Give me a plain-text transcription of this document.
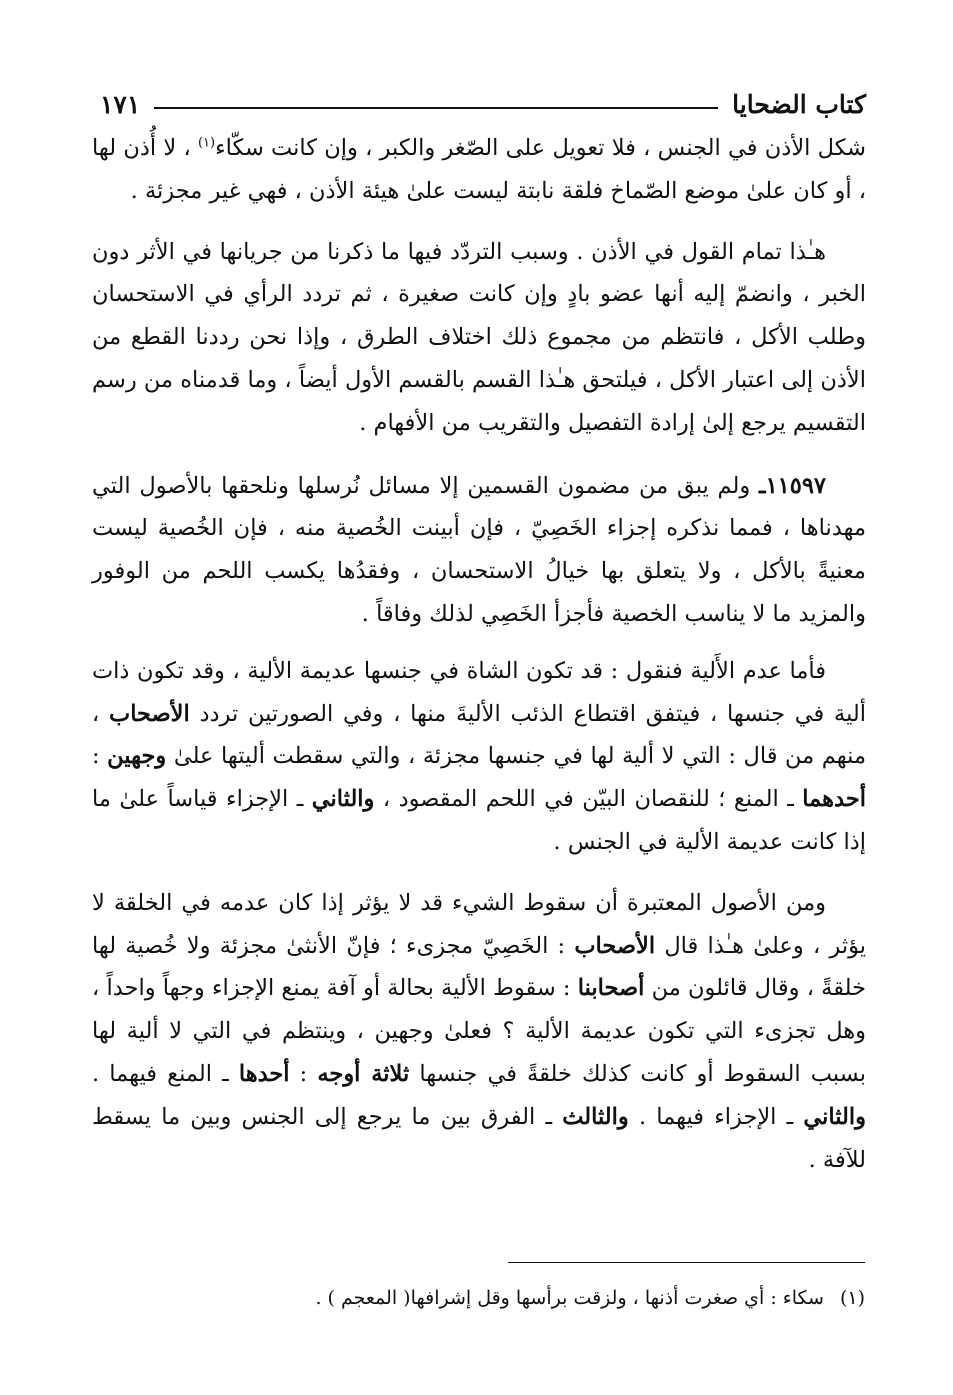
كتاب الضحايا
١٧١

شكل الأذن في الجنس ، فلا تعويل على الصّغر والكبر ، وإن كانت سكّاء$^{(١)}$ ، لا أُذن لها ، أو كان علىٰ موضع الصّماخ فلقة نابتة ليست علىٰ هيئة الأذن ، فهي غير مجزئة .

هـٰذا تمام القول في الأذن . وسبب التردّد فيها ما ذكرنا من جريانها في الأثر دون الخبر ، وانضمّ إليه أنها عضو بادٍ وإن كانت صغيرة ، ثم تردد الرأي في الاستحسان وطلب الأكل ، فانتظم من مجموع ذلك اختلاف الطرق ، وإذا نحن رددنا القطع من الأذن إلى اعتبار الأكل ، فيلتحق هـٰذا القسم بالقسم الأول أيضاً ، وما قدمناه من رسم التقسيم يرجع إلىٰ إرادة التفصيل والتقريب من الأفهام .

١١٥٩٧ـ ولم يبق من مضمون القسمين إلا مسائل نُرسلها ونلحقها بالأصول التي مهدناها ، فمما نذكره إجزاء الخَصِيّ ، فإن أبينت الخُصية منه ، فإن الخُصية ليست معنيةً بالأكل ، ولا يتعلق بها خيالُ الاستحسان ، وفقدُها يكسب اللحم من الوفور والمزيد ما لا يناسب الخصية فأجزأ الخَصِي لذلك وفاقاً .

فأما عدم الأَلية فنقول : قد تكون الشاة في جنسها عديمة الألية ، وقد تكون ذات ألية في جنسها ، فيتفق اقتطاع الذئب الأليةَ منها ، وفي الصورتين تردد الأصحاب ، منهم من قال : التي لا ألية لها في جنسها مجزئة ، والتي سقطت أليتها علىٰ وجهين : أحدهما ـ المنع ؛ للنقصان البيّن في اللحم المقصود ، والثاني ـ الإجزاء قياساً علىٰ ما إذا كانت عديمة الألية في الجنس .

ومن الأصول المعتبرة أن سقوط الشيء قد لا يؤثر إذا كان عدمه في الخلقة لا يؤثر ، وعلىٰ هـٰذا قال الأصحاب : الخَصِيّ مجزىء ؛ فإنّ الأنثىٰ مجزئة ولا خُصية لها خلقةً ، وقال قائلون من أصحابنا : سقوط الألية بحالة أو آفة يمنع الإجزاء وجهاً واحداً ، وهل تجزىء التي تكون عديمة الألية ؟ فعلىٰ وجهين ، وينتظم في التي لا ألية لها بسبب السقوط أو كانت كذلك خلقةً في جنسها ثلاثة أوجه : أحدها ـ المنع فيهما . والثاني ـ الإجزاء فيهما . والثالث ـ الفرق بين ما يرجع إلى الجنس وبين ما يسقط للآفة .

(١)سكاء : أي صغرت أذنها ، ولزقت برأسها وقل إشرافها( المعجم ) .
